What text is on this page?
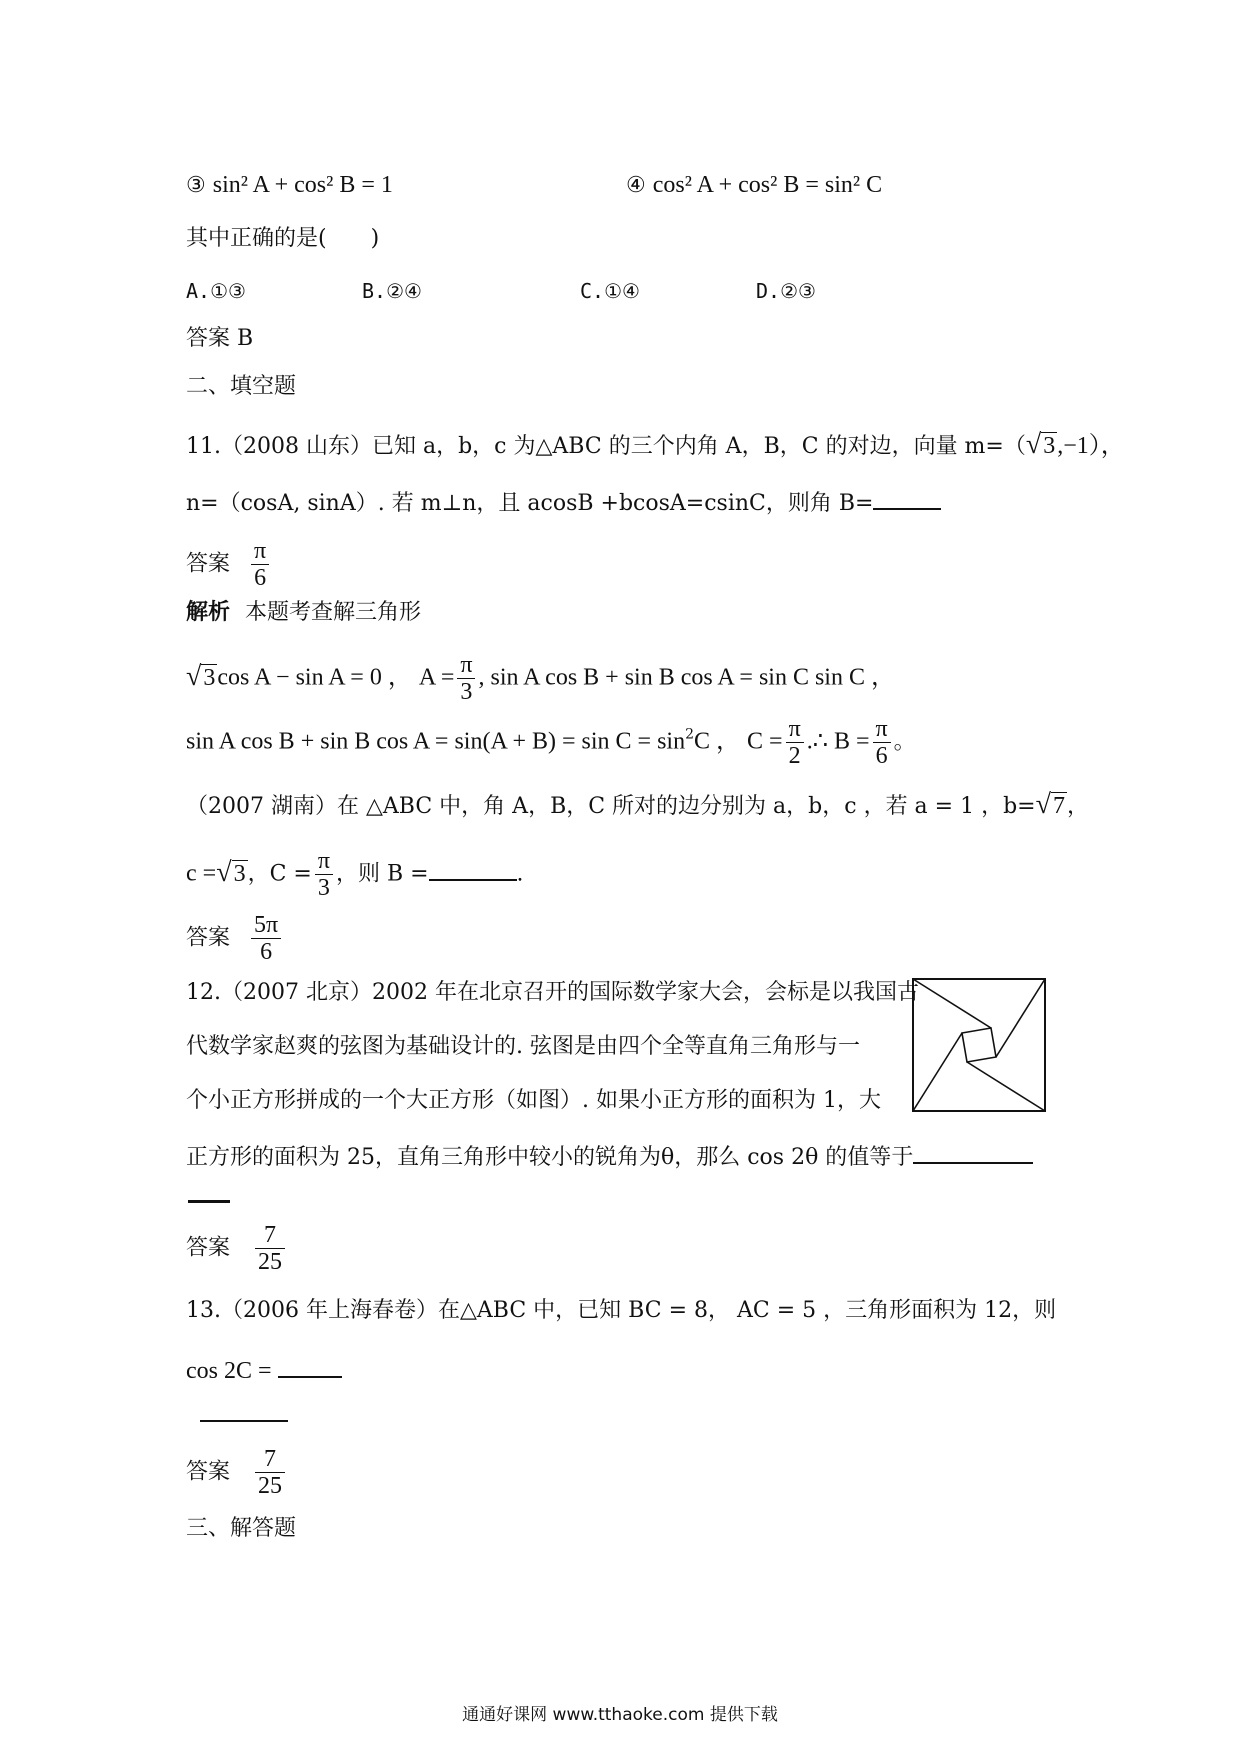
③ sin² A + cos² B = 1	④ cos² A + cos² B = sin² C
其中正确的是(　　)
A.①③	B.②④	C.①④	D.②③
答案 B
二、填空题
11.（2008 山东）已知 a，b，c 为△ABC 的三个内角 A，B，C 的对边，向量 m=（√3,−1），
n=（cosA, sinA）. 若 m⊥n，且 acosB +bcosA=csinC，则角 B=
答案 $\frac{\pi}{6}$
解析 本题考查解三角形
√3cos A − sin A = 0 ， $A = \frac{\pi}{3}$ , sin A cos B + sin B cos A = sin C sin C ，
sin A cos B + sin B $\cos A = \sin(A + B) = \sin C = \sin^2C$ ， $C = \frac{\pi}{2}$ .∴ $B = \frac{\pi}{6}$ 。
（2007 湖南）在 △ABC 中，角 A，B，C 所对的边分别为 a，b，c ，若 a = 1 ，b=√7，
c =√3，$C = \frac{\pi}{3}$ ，则 B =	.
答案 $\frac{5\pi}{6}$
12.（2007 北京）2002 年在北京召开的国际数学家大会，会标是以我国古
代数学家赵爽的弦图为基础设计的. 弦图是由四个全等直角三角形与一
个小正方形拼成的一个大正方形（如图）. 如果小正方形的面积为 1，大
正方形的面积为 25，直角三角形中较小的锐角为θ，那么 cos 2θ 的值等于
答案 $\frac{7}{25}$
13.（2006 年上海春卷）在△ABC 中，已知 BC = 8， AC = 5 ，三角形面积为 12，则
cos 2C =
答案 $\frac{7}{25}$
三、解答题
通通好课网 www.tthaoke.com 提供下载
